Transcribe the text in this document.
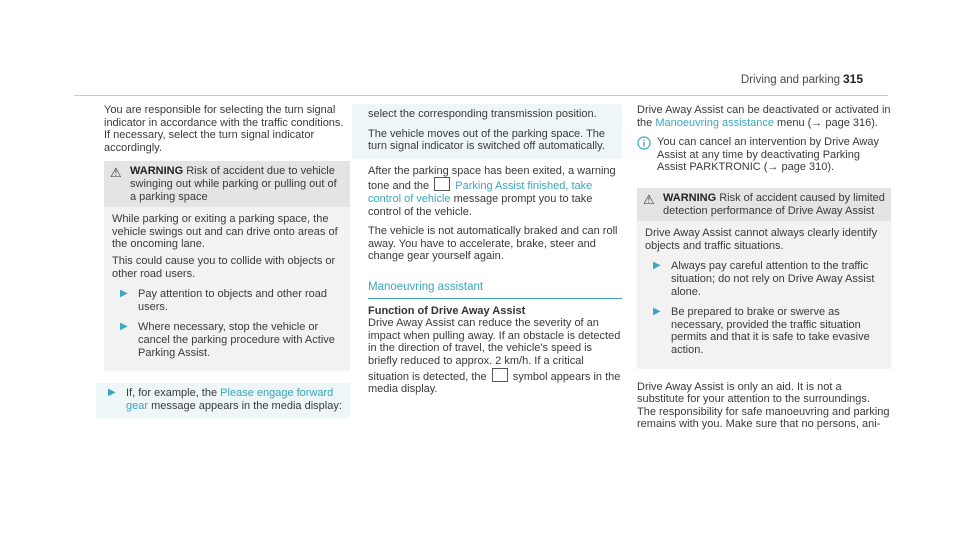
Driving and parking 315

You are responsible for selecting the turn signal indicator in accordance with the traffic conditions. If necessary, select the turn signal indicator accordingly.

⚠ WARNING Risk of accident due to vehicle swinging out while parking or pulling out of a parking space

While parking or exiting a parking space, the vehicle swings out and can drive onto areas of the oncoming lane.

This could cause you to collide with objects or other road users.

▶ Pay attention to objects and other road users.
▶ Where necessary, stop the vehicle or cancel the parking procedure with Active Parking Assist.
▶ If, for example, the Please engage forward gear message appears in the media display:

select the corresponding transmission position.

The vehicle moves out of the parking space. The turn signal indicator is switched off automatically.

After the parking space has been exited, a warning tone and the Parking Assist finished, take control of vehicle message prompt you to take control of the vehicle.

The vehicle is not automatically braked and can roll away. You have to accelerate, brake, steer and change gear yourself again.

Manoeuvring assistant
Function of Drive Away Assist

Drive Away Assist can reduce the severity of an impact when pulling away. If an obstacle is detected in the direction of travel, the vehicle's speed is briefly reduced to approx. 2 km/h. If a critical situation is detected, the symbol appears in the media display.

Drive Away Assist can be deactivated or activated in the Manoeuvring assistance menu (→ page 316).

You can cancel an intervention by Drive Away Assist at any time by deactivating Parking Assist PARKTRONIC (→ page 310).
⚠ WARNING Risk of accident caused by limited detection performance of Drive Away Assist

Drive Away Assist cannot always clearly identify objects and traffic situations.

▶ Always pay careful attention to the traffic situation; do not rely on Drive Away Assist alone.
▶ Be prepared to brake or swerve as necessary, provided the traffic situation permits and that it is safe to take evasive action.

Drive Away Assist is only an aid. It is not a substitute for your attention to the surroundings. The responsibility for safe manoeuvring and parking remains with you. Make sure that no persons, ani-
